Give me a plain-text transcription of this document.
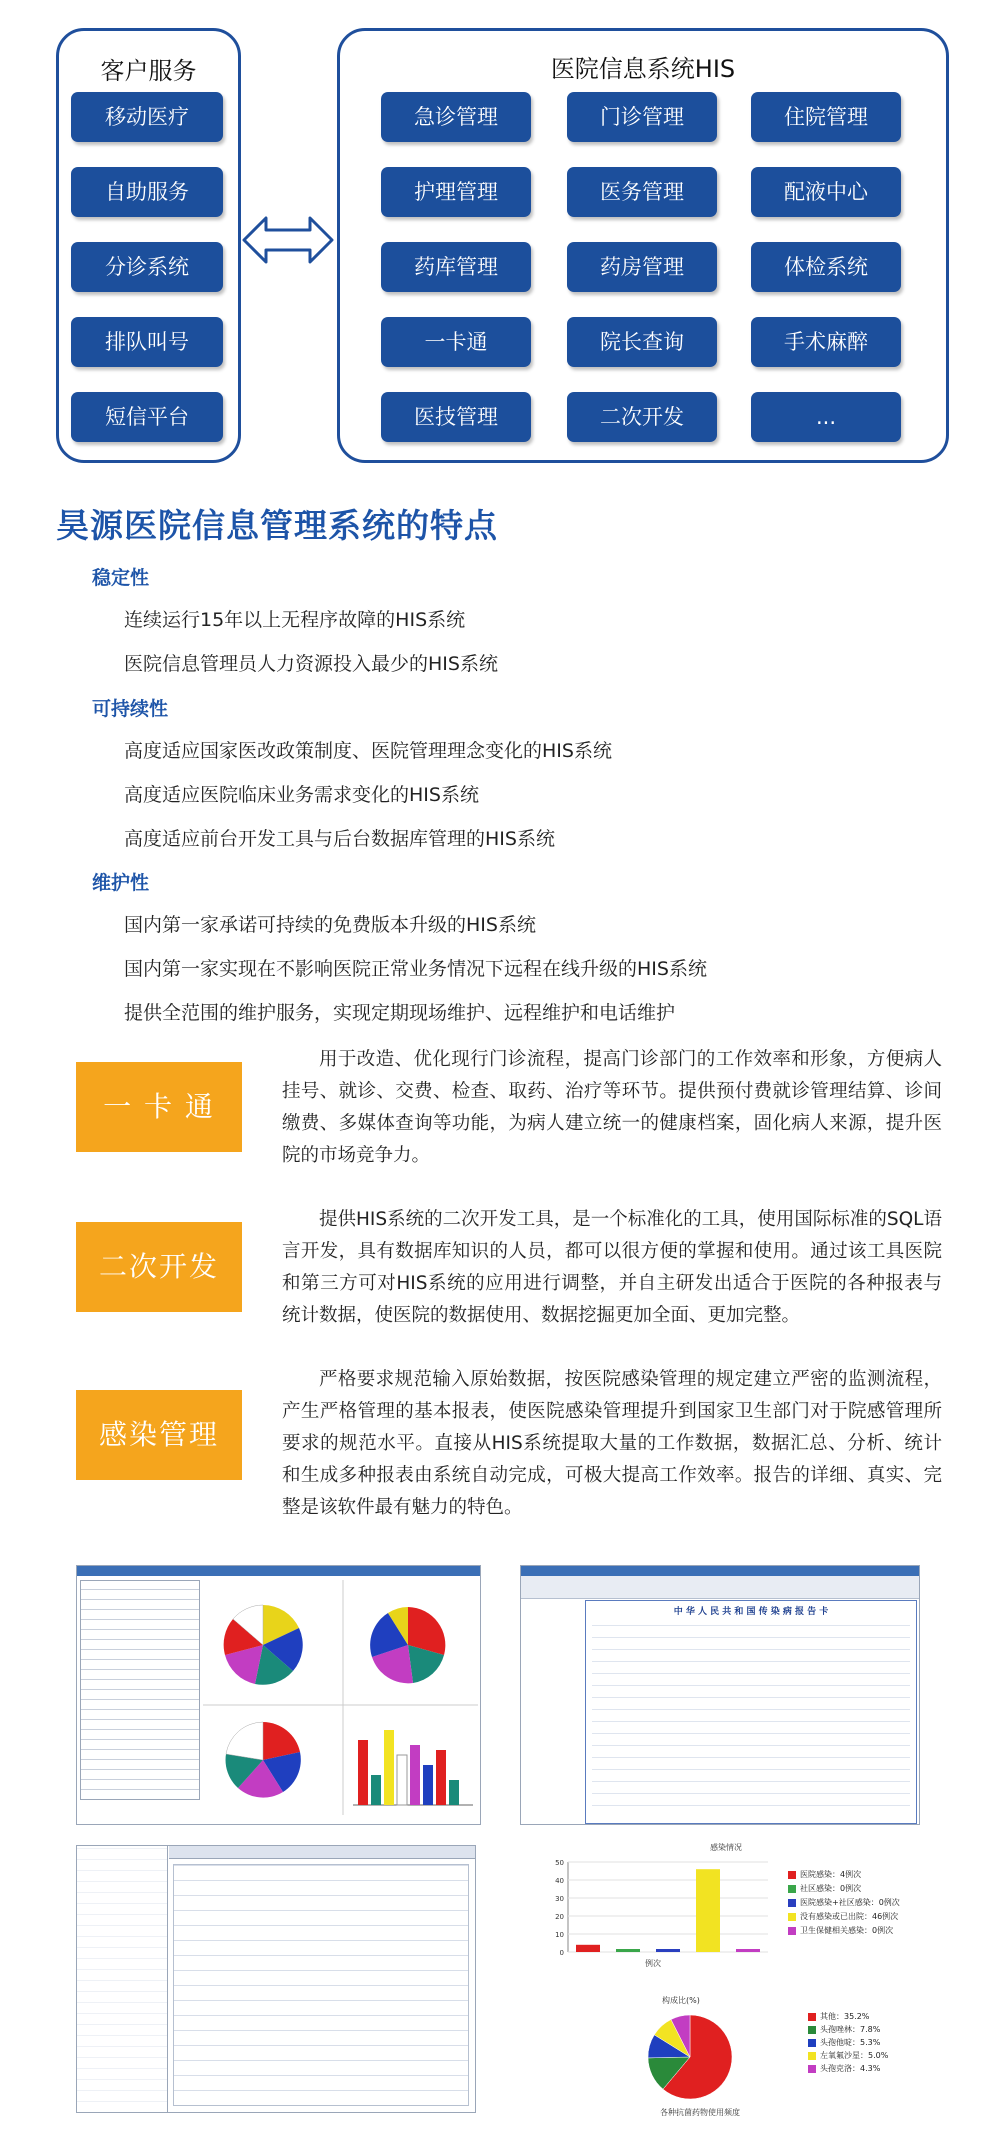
客户服务
移动医疗
自助服务
分诊系统
排队叫号
短信平台
医院信息系统HIS
急诊管理	门诊管理	住院管理
护理管理	医务管理	配液中心
药库管理	药房管理	体检系统
一卡通	院长查询	手术麻醉
医技管理	二次开发	...
昊源医院信息管理系统的特点
稳定性
连续运行15年以上无程序故障的HIS系统
医院信息管理员人力资源投入最少的HIS系统
可持续性
高度适应国家医改政策制度、医院管理理念变化的HIS系统
高度适应医院临床业务需求变化的HIS系统
高度适应前台开发工具与后台数据库管理的HIS系统
维护性
国内第一家承诺可持续的免费版本升级的HIS系统
国内第一家实现在不影响医院正常业务情况下远程在线升级的HIS系统
提供全范围的维护服务，实现定期现场维护、远程维护和电话维护
一 卡 通
用于改造、优化现行门诊流程，提高门诊部门的工作效率和形象，方便病人挂号、就诊、交费、检查、取药、治疗等环节。提供预付费就诊管理结算、诊间缴费、多媒体查询等功能，为病人建立统一的健康档案，固化病人来源，提升医院的市场竞争力。
二次开发
提供HIS系统的二次开发工具，是一个标准化的工具，使用国际标准的SQL语言开发，具有数据库知识的人员，都可以很方便的掌握和使用。通过该工具医院和第三方可对HIS系统的应用进行调整，并自主研发出适合于医院的各种报表与统计数据，使医院的数据使用、数据挖掘更加全面、更加完整。
感染管理
严格要求规范输入原始数据，按医院感染管理的规定建立严密的监测流程，产生严格管理的基本报表，使医院感染管理提升到国家卫生部门对于院感管理所要求的规范水平。直接从HIS系统提取大量的工作数据，数据汇总、分析、统计和生成多种报表由系统自动完成，可极大提高工作效率。报告的详细、真实、完整是该软件最有魅力的特色。
中 华 人 民 共 和 国 传 染 病 报 告 卡
感染情况
0
10
20
30
40
50
例次
医院感染：4例次
社区感染：0例次
医院感染+社区感染：0例次
没有感染或已出院：46例次
卫生保健相关感染：0例次
构成比(%)
各种抗菌药物使用频度
其他：35.2%
头孢唑林：7.8%
头孢他啶：5.3%
左氧氟沙星：5.0%
头孢克洛：4.3%
